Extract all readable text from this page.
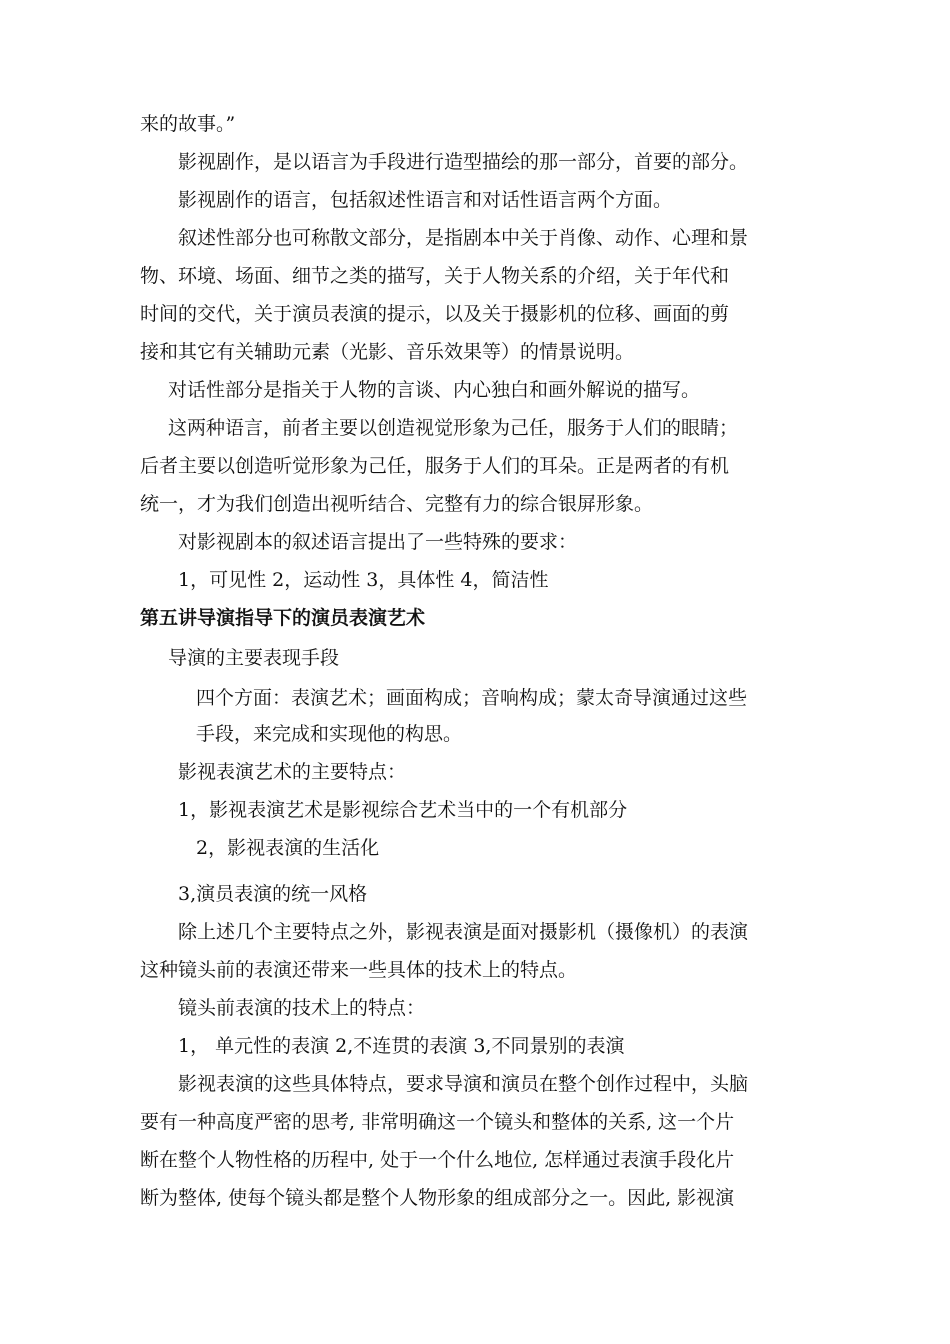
来的故事。”
影视剧作，是以语言为手段进行造型描绘的那一部分，首要的部分。
影视剧作的语言，包括叙述性语言和对话性语言两个方面。
叙述性部分也可称散文部分，是指剧本中关于肖像、动作、心理和景
物、环境、场面、细节之类的描写，关于人物关系的介绍，关于年代和
时间的交代，关于演员表演的提示，以及关于摄影机的位移、画面的剪
接和其它有关辅助元素（光影、音乐效果等）的情景说明。
对话性部分是指关于人物的言谈、内心独白和画外解说的描写。
这两种语言，前者主要以创造视觉形象为己任，服务于人们的眼睛；
后者主要以创造听觉形象为己任，服务于人们的耳朵。正是两者的有机
统一，才为我们创造出视听结合、完整有力的综合银屏形象。
对影视剧本的叙述语言提出了一些特殊的要求：
1，可见性 2，运动性 3，具体性 4，简洁性
第五讲导演指导下的演员表演艺术
导演的主要表现手段
四个方面：表演艺术；画面构成；音响构成；蒙太奇导演通过这些
手段，来完成和实现他的构思。
影视表演艺术的主要特点：
1，影视表演艺术是影视综合艺术当中的一个有机部分
2，影视表演的生活化
3,演员表演的统一风格
除上述几个主要特点之外，影视表演是面对摄影机（摄像机）的表演
这种镜头前的表演还带来一些具体的技术上的特点。
镜头前表演的技术上的特点：
1， 单元性的表演 2,不连贯的表演 3,不同景别的表演
影视表演的这些具体特点，要求导演和演员在整个创作过程中，头脑
要有一种高度严密的思考, 非常明确这一个镜头和整体的关系, 这一个片
断在整个人物性格的历程中, 处于一个什么地位, 怎样通过表演手段化片
断为整体, 使每个镜头都是整个人物形象的组成部分之一。因此, 影视演
